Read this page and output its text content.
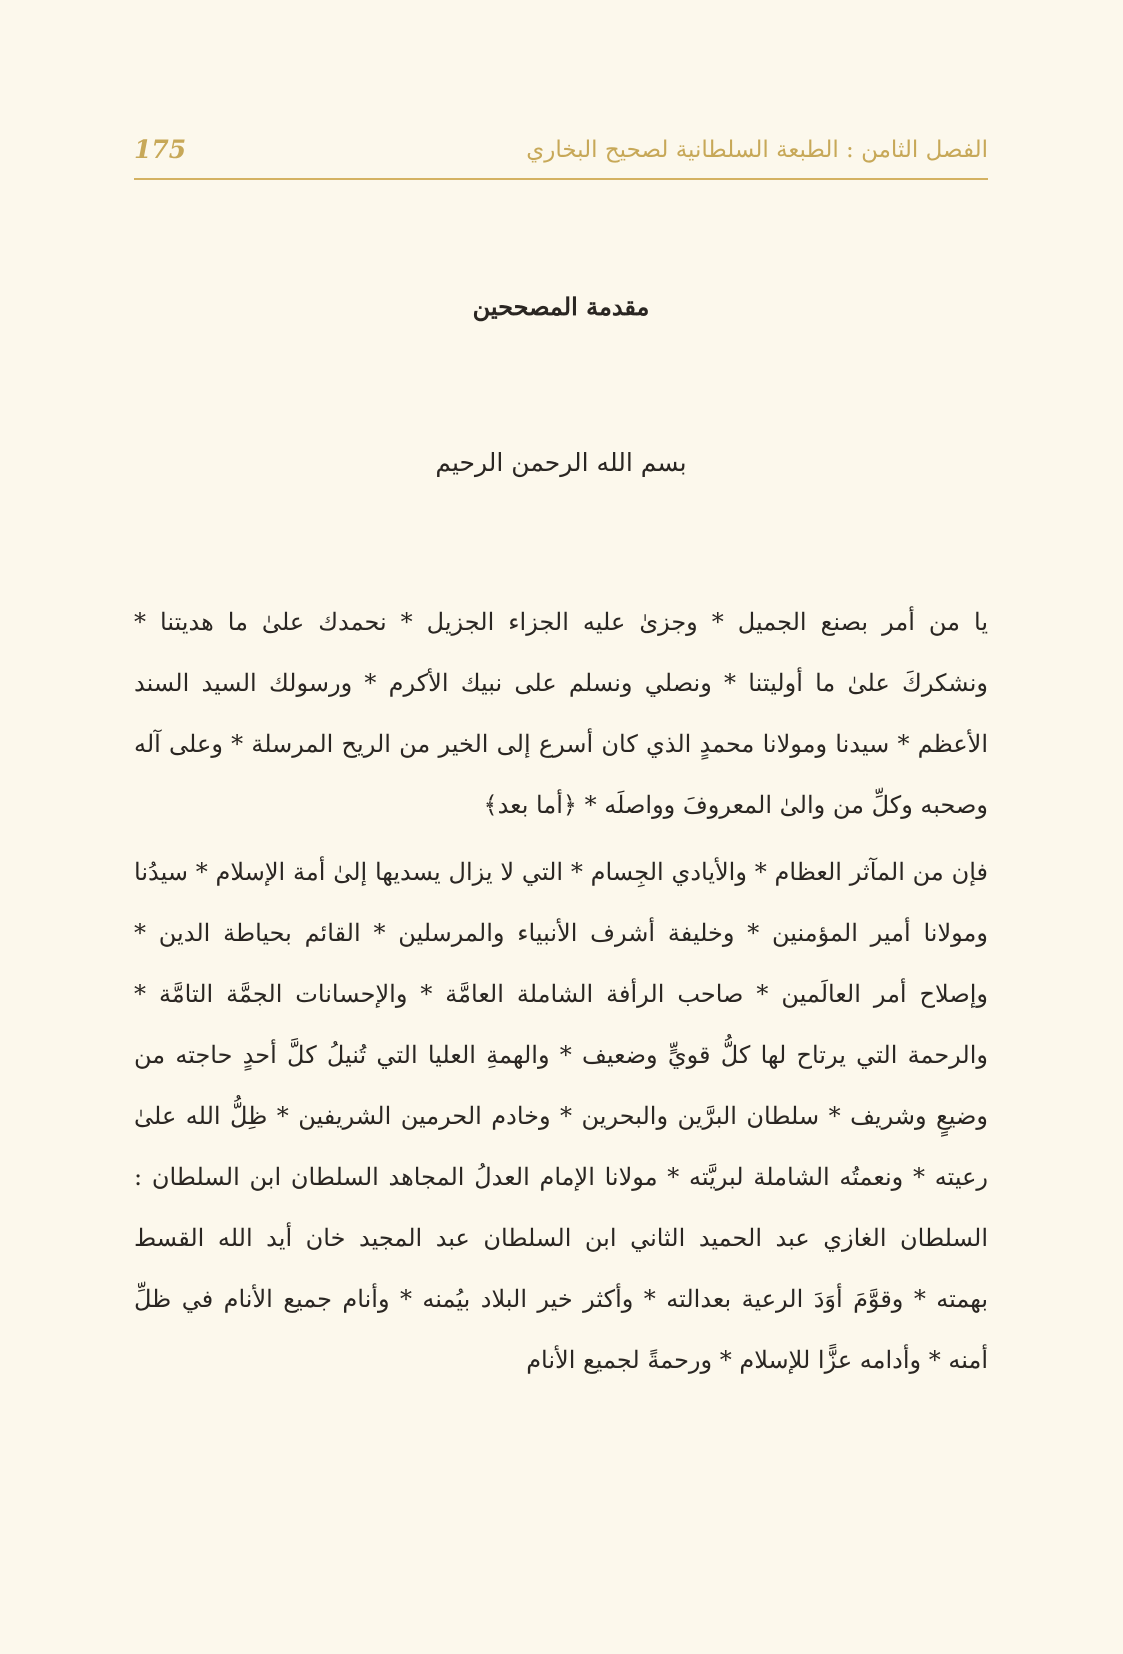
الفصل الثامن : الطبعة السلطانية لصحيح البخاري
175
مقدمة المصححين
بسم الله الرحمن الرحيم
يا من أمر بصنع الجميل * وجزىٰ عليه الجزاء الجزيل * نحمدك علىٰ ما هديتنا *
ونشكركَ علىٰ ما أوليتنا * ونصلي ونسلم على نبيك الأكرم * ورسولك السيد السند
الأعظم * سيدنا ومولانا محمدٍ الذي كان أسرع إلى الخير من الريح المرسلة * وعلى آله
وصحبه وكلِّ من والىٰ المعروفَ وواصلَه * ﴿أما بعد﴾
فإن من المآثر العظام * والأيادي الجِسام * التي لا يزال يسديها إلىٰ أمة الإسلام * سيدُنا
ومولانا أمير المؤمنين * وخليفة أشرف الأنبياء والمرسلين * القائم بحياطة الدين *
وإصلاح أمر العالَمين * صاحب الرأفة الشاملة العامَّة * والإحسانات الجمَّة التامَّة *
والرحمة التي يرتاح لها كلُّ قويٍّ وضعيف * والهمةِ العليا التي تُنيلُ كلَّ أحدٍ حاجته من
وضيعٍ وشريف * سلطان البرَّين والبحرين * وخادم الحرمين الشريفين * ظِلُّ الله علىٰ
رعيته * ونعمتُه الشاملة لبريَّته * مولانا الإمام العدلُ المجاهد السلطان ابن السلطان :
السلطان الغازي عبد الحميد الثاني ابن السلطان عبد المجيد خان أيد الله القسط
بهمته * وقوَّمَ أوَدَ الرعية بعدالته * وأكثر خير البلاد بيُمنه * وأنام جميع الأنام في ظلِّ
أمنه * وأدامه عزًّا للإسلام * ورحمةً لجميع الأنام
